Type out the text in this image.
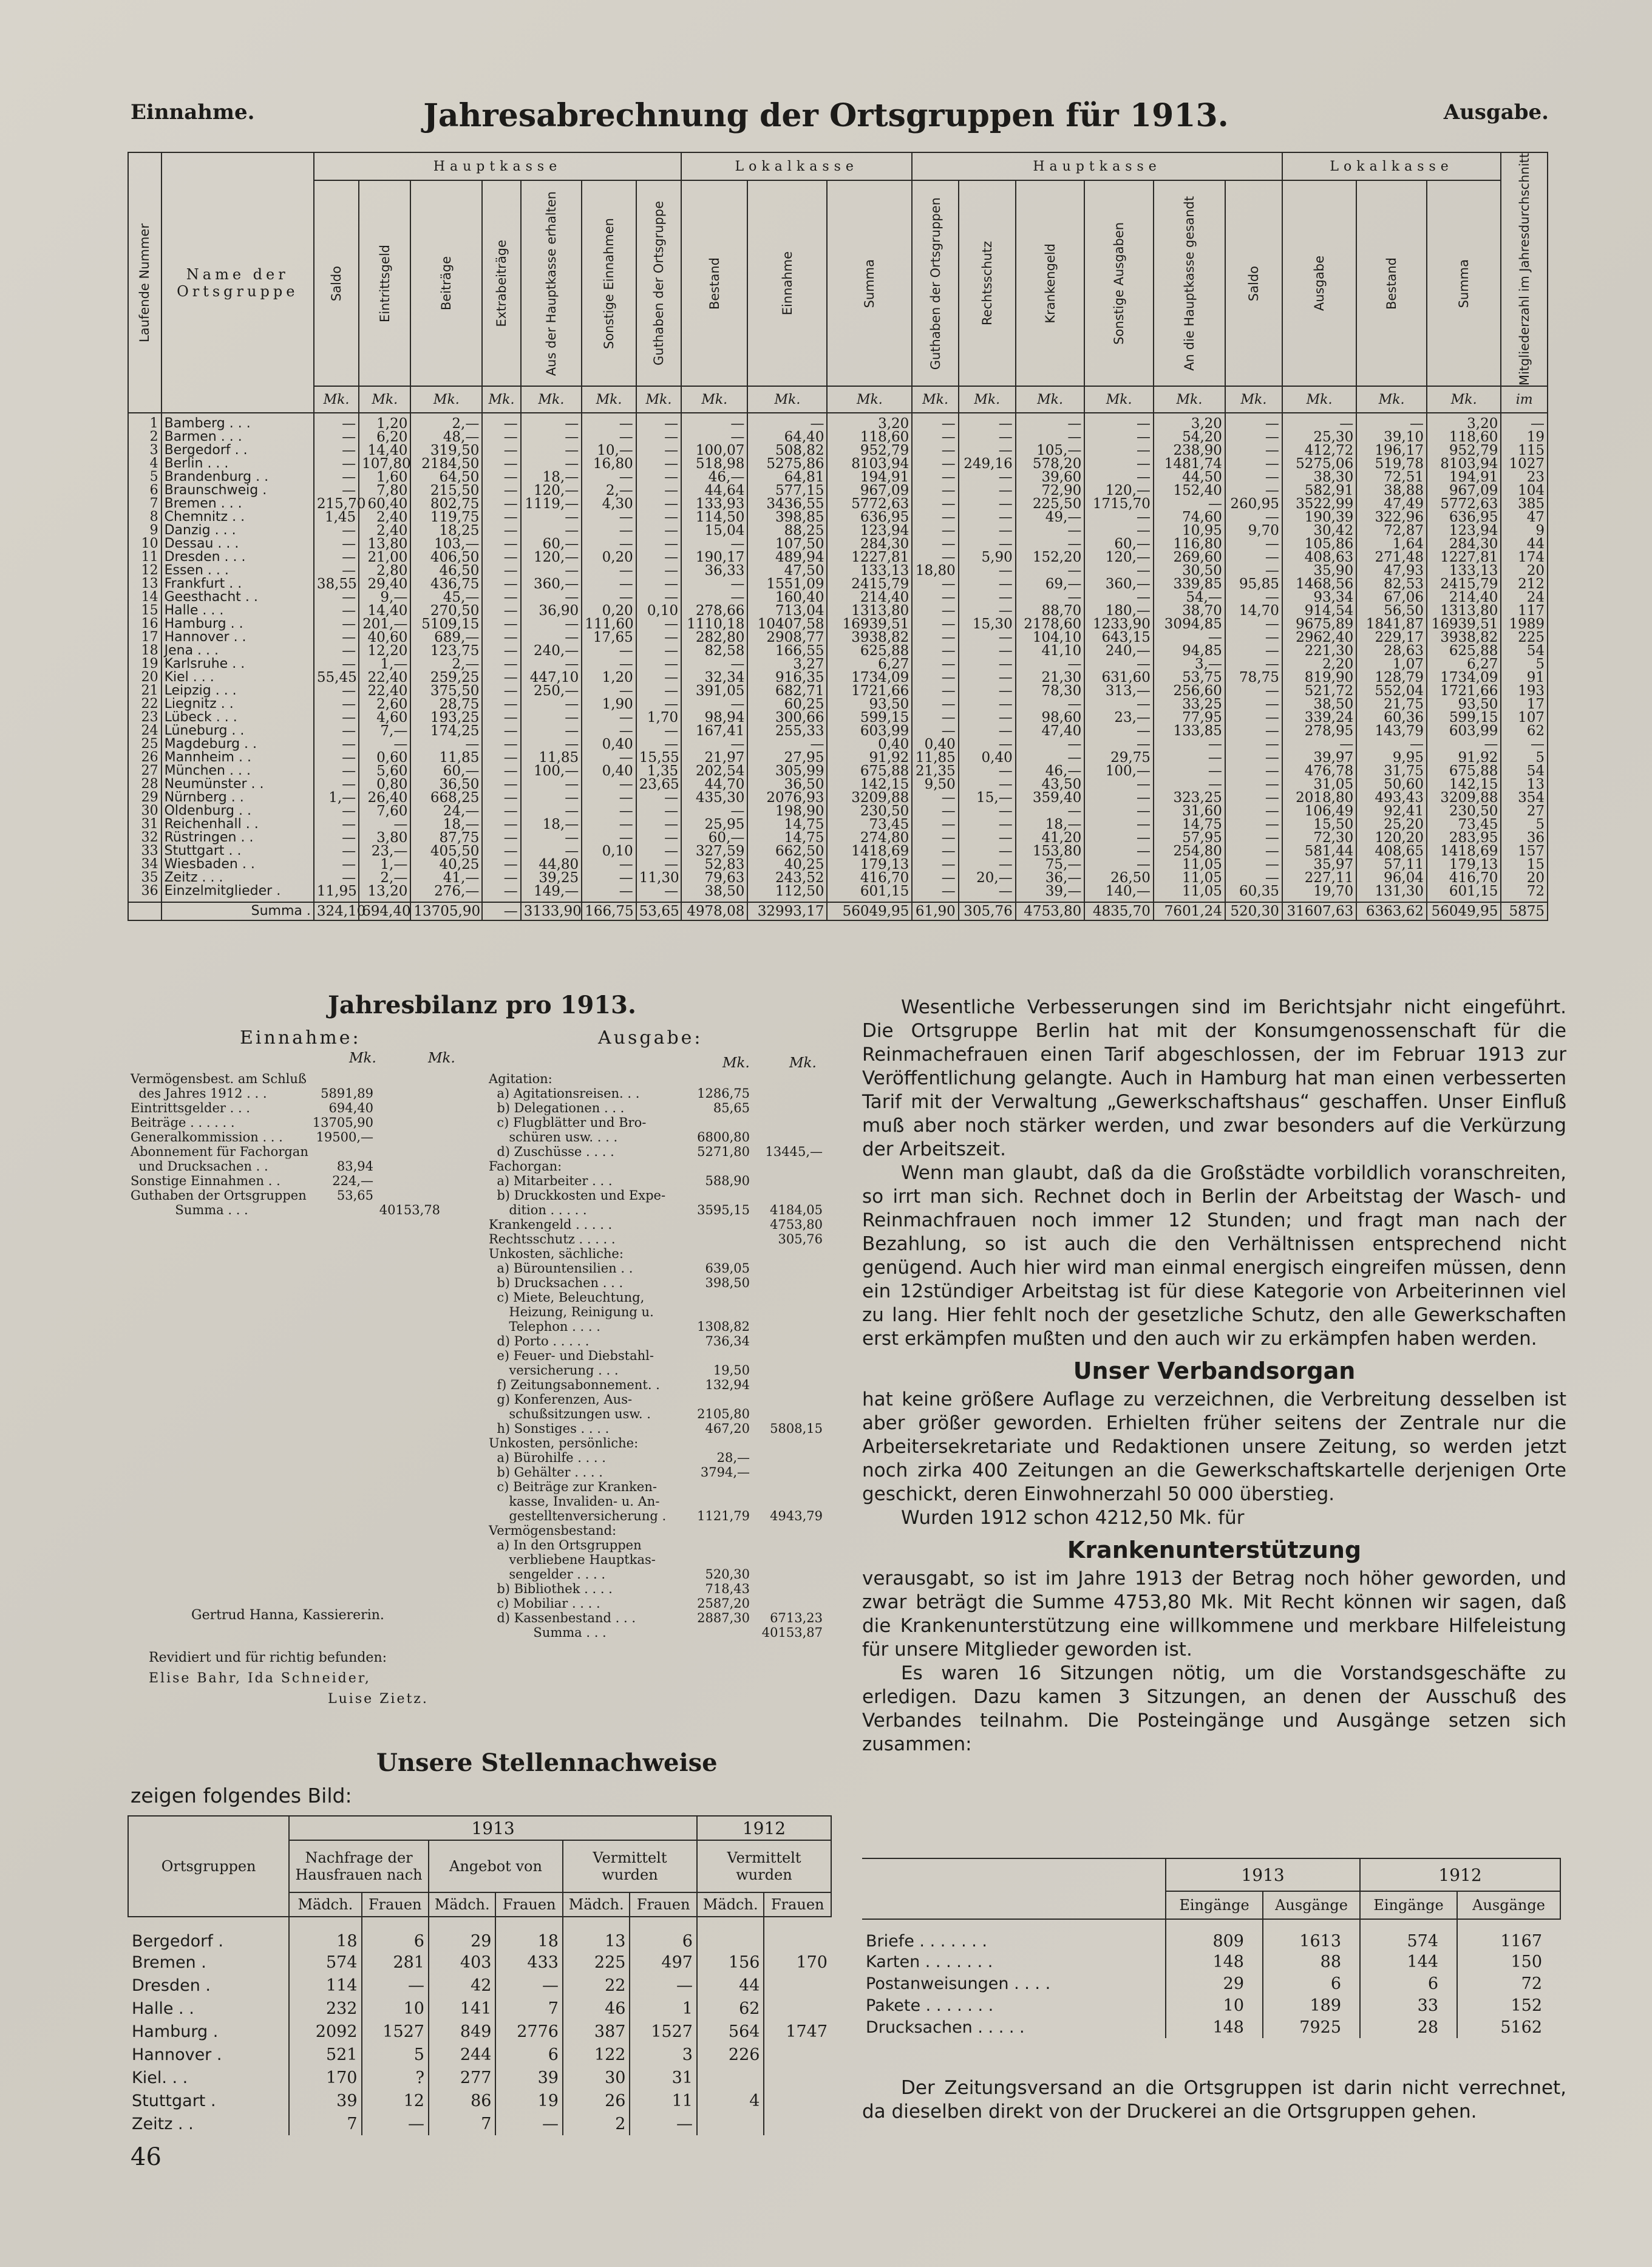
Einnahme.	Jahresabrechnung der Ortsgruppen für 1913.	Ausgabe.
Laufende Nummer	Name der Ortsgruppe	Hauptkasse							Lokalkasse			Hauptkasse						Lokalkasse			Mitgliederzahl im Jahresdurchschnitt

		Saldo	Eintrittsgeld	Beiträge	Extrabeiträge	Aus der Hauptkasse erhalten	Sonstige Einnahmen	Guthaben der Ortsgruppe	Bestand	Einnahme	Summa	Guthaben der Ortsgruppen	Rechtsschutz	Krankengeld	Sonstige Ausgaben	An die Hauptkasse gesandt	Saldo	Ausgabe	Bestand	Summa	

		Mk.	Mk.	Mk.	Mk.	Mk.	Mk.	Mk.	Mk.	Mk.	Mk.	Mk.	Mk.	Mk.	Mk.	Mk.	Mk.	Mk.	Mk.	Mk.	im
1	Bamberg . . .	—	1,20	2,—	—	—	—	—	—	—	3,20	—	—	—	—	3,20	—	—	—	3,20	—
2	Barmen . . .	—	6,20	48,—	—	—	—	—	—	64,40	118,60	—	—	—	—	54,20	—	25,30	39,10	118,60	19
3	Bergedorf . .	—	14,40	319,50	—	—	10,—	—	100,07	508,82	952,79	—	—	105,—	—	238,90	—	412,72	196,17	952,79	115
4	Berlin . . .	—	107,80	2184,50	—	—	16,80	—	518,98	5275,86	8103,94	—	249,16	578,20	—	1481,74	—	5275,06	519,78	8103,94	1027
5	Brandenburg . .	—	1,60	64,50	—	18,—	—	—	46,—	64,81	194,91	—	—	39,60	—	44,50	—	38,30	72,51	194,91	23
6	Braunschweig .	—	7,80	215,50	—	120,—	2,—	—	44,64	577,15	967,09	—	—	72,90	120,—	152,40	—	582,91	38,88	967,09	104
7	Bremen . . .	215,70	60,40	802,75	—	1119,—	4,30	—	133,93	3436,55	5772,63	—	—	225,50	1715,70	—	260,95	3522,99	47,49	5772,63	385
8	Chemnitz . .	1,45	2,40	119,75	—	—	—	—	114,50	398,85	636,95	—	—	49,—	—	74,60	—	190,39	322,96	636,95	47
9	Danzig . . .	—	2,40	18,25	—	—	—	—	15,04	88,25	123,94	—	—	—	—	10,95	9,70	30,42	72,87	123,94	9
10	Dessau . . .	—	13,80	103,—	—	60,—	—	—	—	107,50	284,30	—	—	—	60,—	116,80	—	105,86	1,64	284,30	44
11	Dresden . . .	—	21,00	406,50	—	120,—	0,20	—	190,17	489,94	1227,81	—	5,90	152,20	120,—	269,60	—	408,63	271,48	1227,81	174
12	Essen . . .	—	2,80	46,50	—	—	—	—	36,33	47,50	133,13	18,80	—	—	—	30,50	—	35,90	47,93	133,13	20
13	Frankfurt . .	38,55	29,40	436,75	—	360,—	—	—	—	1551,09	2415,79	—	—	69,—	360,—	339,85	95,85	1468,56	82,53	2415,79	212
14	Geesthacht . .	—	9,—	45,—	—	—	—	—	—	160,40	214,40	—	—	—	—	54,—	—	93,34	67,06	214,40	24
15	Halle . . .	—	14,40	270,50	—	36,90	0,20	0,10	278,66	713,04	1313,80	—	—	88,70	180,—	38,70	14,70	914,54	56,50	1313,80	117
16	Hamburg . .	—	201,—	5109,15	—	—	111,60	—	1110,18	10407,58	16939,51	—	15,30	2178,60	1233,90	3094,85	—	9675,89	1841,87	16939,51	1989
17	Hannover . .	—	40,60	689,—	—	—	17,65	—	282,80	2908,77	3938,82	—	—	104,10	643,15	—	—	2962,40	229,17	3938,82	225
18	Jena . . .	—	12,20	123,75	—	240,—	—	—	82,58	166,55	625,88	—	—	41,10	240,—	94,85	—	221,30	28,63	625,88	54
19	Karlsruhe . .	—	1,—	2,—	—	—	—	—	—	3,27	6,27	—	—	—	—	3,—	—	2,20	1,07	6,27	5
20	Kiel . . .	55,45	22,40	259,25	—	447,10	1,20	—	32,34	916,35	1734,09	—	—	21,30	631,60	53,75	78,75	819,90	128,79	1734,09	91
21	Leipzig . . .	—	22,40	375,50	—	250,—	—	—	391,05	682,71	1721,66	—	—	78,30	313,—	256,60	—	521,72	552,04	1721,66	193
22	Liegnitz . .	—	2,60	28,75	—	—	1,90	—	—	60,25	93,50	—	—	—	—	33,25	—	38,50	21,75	93,50	17
23	Lübeck . . .	—	4,60	193,25	—	—	—	1,70	98,94	300,66	599,15	—	—	98,60	23,—	77,95	—	339,24	60,36	599,15	107
24	Lüneburg . .	—	7,—	174,25	—	—	—	—	167,41	255,33	603,99	—	—	47,40	—	133,85	—	278,95	143,79	603,99	62
25	Magdeburg . .	—	—	—	—	—	0,40	—	—	—	0,40	0,40	—	—	—	—	—	—	—	—	—
26	Mannheim . .	—	0,60	11,85	—	11,85	—	15,55	21,97	27,95	91,92	11,85	0,40	—	29,75	—	—	39,97	9,95	91,92	5
27	München . . .	—	5,60	60,—	—	100,—	0,40	1,35	202,54	305,99	675,88	21,35	—	46,—	100,—	—	—	476,78	31,75	675,88	54
28	Neumünster . .	—	0,80	36,50	—	—	—	23,65	44,70	36,50	142,15	9,50	—	43,50	—	—	—	31,05	50,60	142,15	13
29	Nürnberg . .	1,—	26,40	668,25	—	—	—	—	435,30	2076,93	3209,88	—	15,—	359,40	—	323,25	—	2018,80	493,43	3209,88	354
30	Oldenburg . .	—	7,60	24,—	—	—	—	—	—	198,90	230,50	—	—	—	—	31,60	—	106,49	92,41	230,50	27
31	Reichenhall . .	—	—	18,—	—	18,—	—	—	25,95	14,75	73,45	—	—	18,—	—	14,75	—	15,50	25,20	73,45	5
32	Rüstringen . .	—	3,80	87,75	—	—	—	—	60,—	14,75	274,80	—	—	41,20	—	57,95	—	72,30	120,20	283,95	36
33	Stuttgart . .	—	23,—	405,50	—	—	0,10	—	327,59	662,50	1418,69	—	—	153,80	—	254,80	—	581,44	408,65	1418,69	157
34	Wiesbaden . .	—	1,—	40,25	—	44,80	—	—	52,83	40,25	179,13	—	—	75,—	—	11,05	—	35,97	57,11	179,13	15
35	Zeitz . . .	—	2,—	41,—	—	39,25	—	11,30	79,63	243,52	416,70	—	20,—	36,—	26,50	11,05	—	227,11	96,04	416,70	20
36	Einzelmitglieder .	11,95	13,20	276,—	—	149,—	—	—	38,50	112,50	601,15	—	—	39,—	140,—	11,05	60,35	19,70	131,30	601,15	72
	Summa .	324,10	694,40	13705,90	—	3133,90	166,75	53,65	4978,08	32993,17	56049,95	61,90	305,76	4753,80	4835,70	7601,24	520,30	31607,63	6363,62	56049,95	5875
Jahresbilanz pro 1913.
Einnahme:	Ausgabe:
Mk.	Mk.	Mk.	Mk.
Vermögensbest. am Schluß
des Jahres 1912 . . .	5891,89
Eintrittsgelder . . .	694,40
Beiträge . . . . . .	13705,90
Generalkommission . . .	19500,—
Abonnement für Fachorgan
und Drucksachen . .	83,94
Sonstige Einnahmen . .	224,—
Guthaben der Ortsgruppen	53,65
Summa . . .	40153,78
Agitation:
a) Agitationsreisen. . .	1286,75
b) Delegationen . . .	85,65
c) Flugblätter und Bro-
schüren usw. . . .	6800,80
d) Zuschüsse . . . .	5271,80	13445,—
Fachorgan:
a) Mitarbeiter . . .	588,90
b) Druckkosten und Expe-
dition . . . . .	3595,15	4184,05
Krankengeld . . . . .	4753,80
Rechtsschutz . . . . .	305,76
Unkosten, sächliche:
a) Bürountensilien . .	639,05
b) Drucksachen . . .	398,50
c) Miete, Beleuchtung,
Heizung, Reinigung u.
Telephon . . . .	1308,82
d) Porto . . . . .	736,34
e) Feuer- und Diebstahl-
versicherung . . .	19,50
f) Zeitungsabonnement. .	132,94
g) Konferenzen, Aus-
schußsitzungen usw. .	2105,80
h) Sonstiges . . . .	467,20	5808,15
Unkosten, persönliche:
a) Bürohilfe . . . .	28,—
b) Gehälter . . . .	3794,—
c) Beiträge zur Kranken-
kasse, Invaliden- u. An-
gestelltenversicherung .	1121,79	4943,79
Vermögensbestand:
a) In den Ortsgruppen
verbliebene Hauptkas-
sengelder . . . .	520,30
b) Bibliothek . . . .	718,43
c) Mobiliar . . . .	2587,20
d) Kassenbestand . . .	2887,30	6713,23
Summa . . .	40153,87
Gertrud Hanna, Kassiererin.
Revidiert und für richtig befunden:
Elise Bahr, Ida Schneider,
Luise Zietz.
Unsere Stellennachweise
zeigen folgendes Bild:
Ortsgruppen	1913						1912	
	Nachfrage der Hausfrauen nach		Angebot von		Vermittelt wurden		Vermittelt wurden	
	Mädch.	Frauen	Mädch.	Frauen	Mädch.	Frauen	Mädch.	Frauen
Bergedorf .	18	6	29	18	13	6		
Bremen .	574	281	403	433	225	497	156	170
Dresden .	114	—	42	—	22	—	44	
Halle . .	232	10	141	7	46	1	62	
Hamburg .	2092	1527	849	2776	387	1527	564	1747
Hannover .	521	5	244	6	122	3	226	
Kiel. . .	170	?	277	39	30	31		
Stuttgart .	39	12	86	19	26	11	4	
Zeitz . .	7	—	7	—	2	—		
Wesentliche Verbesserungen sind im Berichtsjahr nicht eingeführt. Die Ortsgruppe Berlin hat mit der Konsumgenossenschaft für die Reinmachefrauen einen Tarif abgeschlossen, der im Februar 1913 zur Veröffentlichung gelangte. Auch in Hamburg hat man einen verbesserten Tarif mit der Verwaltung „Gewerkschaftshaus“ geschaffen. Unser Einfluß muß aber noch stärker werden, und zwar besonders auf die Verkürzung der Arbeitszeit.
Wenn man glaubt, daß da die Großstädte vorbildlich voranschreiten, so irrt man sich. Rechnet doch in Berlin der Arbeitstag der Wasch- und Reinmachfrauen noch immer 12 Stunden; und fragt man nach der Bezahlung, so ist auch die den Verhältnissen entsprechend nicht genügend. Auch hier wird man einmal energisch eingreifen müssen, denn ein 12stündiger Arbeitstag ist für diese Kategorie von Arbeiterinnen viel zu lang. Hier fehlt noch der gesetzliche Schutz, den alle Gewerkschaften erst erkämpfen mußten und den auch wir zu erkämpfen haben werden.
Unser Verbandsorgan
hat keine größere Auflage zu verzeichnen, die Verbreitung desselben ist aber größer geworden. Erhielten früher seitens der Zentrale nur die Arbeitersekretariate und Redaktionen unsere Zeitung, so werden jetzt noch zirka 400 Zeitungen an die Gewerkschaftskartelle derjenigen Orte geschickt, deren Einwohnerzahl 50 000 überstieg.
Wurden 1912 schon 4212,50 Mk. für
Krankenunterstützung
verausgabt, so ist im Jahre 1913 der Betrag noch höher geworden, und zwar beträgt die Summe 4753,80 Mk. Mit Recht können wir sagen, daß die Krankenunterstützung eine willkommene und merkbare Hilfeleistung für unsere Mitglieder geworden ist.
Es waren 16 Sitzungen nötig, um die Vorstandsgeschäfte zu erledigen. Dazu kamen 3 Sitzungen, an denen der Ausschuß des Verbandes teilnahm. Die Posteingänge und Ausgänge setzen sich zusammen:
	1913		1912	
	Eingänge	Ausgänge	Eingänge	Ausgänge
Briefe . . . . . . .	809	1613	574	1167
Karten . . . . . . .	148	88	144	150
Postanweisungen . . . .	29	6	6	72
Pakete . . . . . . .	10	189	33	152
Drucksachen . . . . .	148	7925	28	5162
Der Zeitungsversand an die Ortsgruppen ist darin nicht verrechnet, da dieselben direkt von der Druckerei an die Ortsgruppen gehen.
46
